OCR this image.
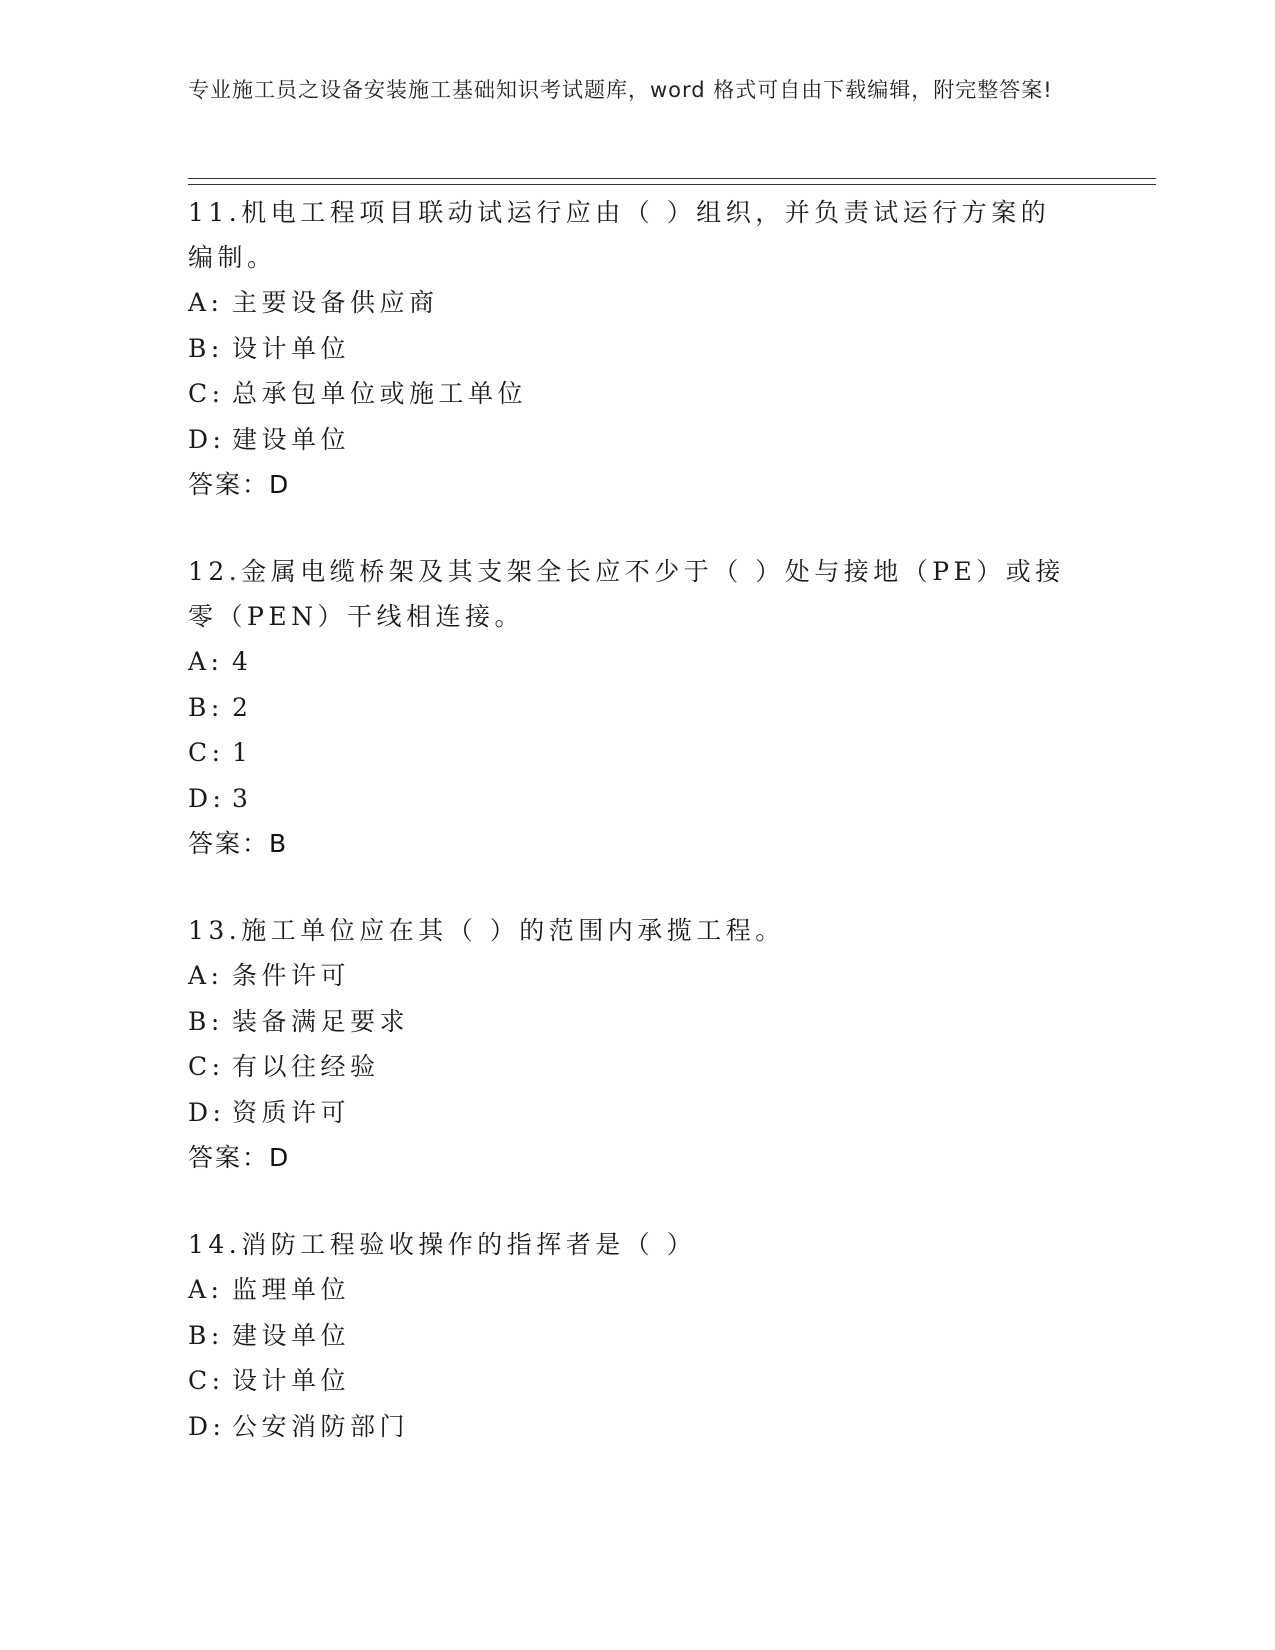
专业施工员之设备安装施工基础知识考试题库，word 格式可自由下载编辑，附完整答案!
11.机电工程项目联动试运行应由（ ）组织，并负责试运行方案的编制。
A: 主要设备供应商
B: 设计单位
C: 总承包单位或施工单位
D: 建设单位
答案：D
12.金属电缆桥架及其支架全长应不少于（ ）处与接地（PE）或接零（PEN）干线相连接。
A: 4
B: 2
C: 1
D: 3
答案：B
13.施工单位应在其（ ）的范围内承揽工程。
A: 条件许可
B: 装备满足要求
C: 有以往经验
D: 资质许可
答案：D
14.消防工程验收操作的指挥者是（ ）
A: 监理单位
B: 建设单位
C: 设计单位
D: 公安消防部门
